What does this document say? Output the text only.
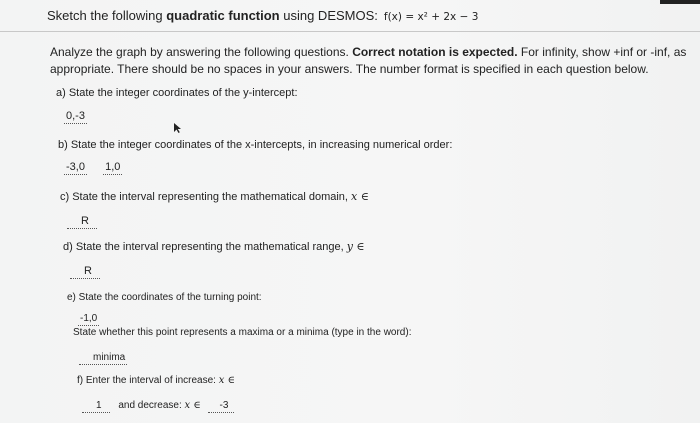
Sketch the following quadratic function using DESMOS: f(x) = x² + 2x − 3
Analyze the graph by answering the following questions. Correct notation is expected. For infinity, show +inf or -inf, as appropriate. There should be no spaces in your answers. The number format is specified in each question below.
a) State the integer coordinates of the y-intercept:
0,-3
b) State the integer coordinates of the x-intercepts, in increasing numerical order:
-3,0 1,0
c) State the interval representing the mathematical domain, x ∈
R
d) State the interval representing the mathematical range, y ∈
R
e) State the coordinates of the turning point:
-1,0
State whether this point represents a maxima or a minima (type in the word):
minima
f) Enter the interval of increase: x ∈
1 and decrease: x ∈ -3
